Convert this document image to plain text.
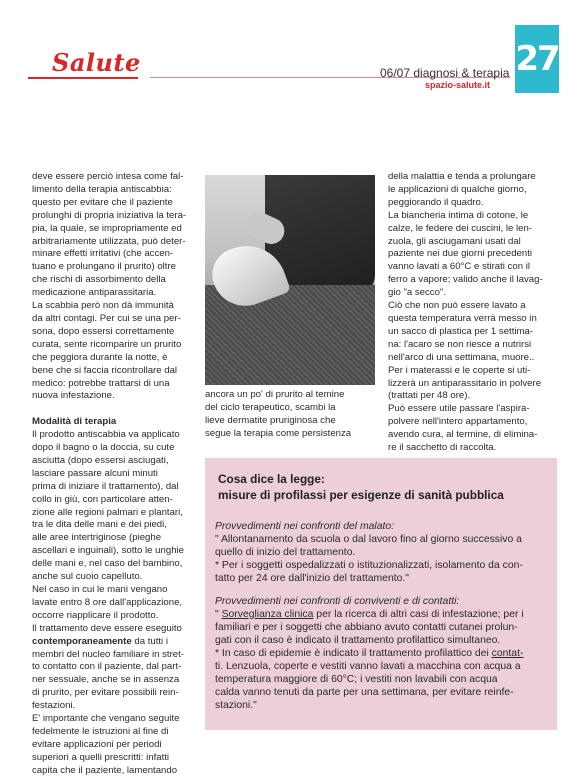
Salute	06/07 diagnosi & terapia
spazio-salute.it
27

deve essere perciò intesa come fal-

limento della terapia antiscabbia:

questo per evitare che il paziente

prolunghi di propria iniziativa la tera-

pia, la quale, se impropriamente ed

arbitrariamente utilizzata, può deter-

minare effetti irritativi (che accen-

tuano e prolungano il prurito) oltre

che rischi di assorbimento della

medicazione antiparassitaria.

La scabbia però non dà immunità

da altri contagi. Per cui se una per-

sona, dopo essersi correttamente

curata, sente ricomparire un prurito

che peggiora durante la notte, è

bene che si faccia ricontrollare dal

medico: potrebbe trattarsi di una

nuova infestazione.

Modalità di terapia

Il prodotto antiscabbia va applicato

dopo il bagno o la doccia, su cute

asciutta (dopo essersi asciugati,

lasciare passare alcuni minuti

prima di iniziare il trattamento), dal

collo in giù, con particolare atten-

zione alle regioni palmari e plantari,

tra le dita delle mani e dei piedi,

alle aree intertriginose (pieghe

ascellari e inguinali), sotto le unghie

delle mani e, nel caso del bambino,

anche sul cuoio capelluto.

Nel caso in cui le mani vengano

lavate entro 8 ore dall'applicazione,

occorre riapplicare il prodotto.

Il trattamento deve essere eseguito

contemporaneamente da tutti i

membri del nucleo familiare in stret-

to contatto con il paziente, dal part-

ner sessuale, anche se in assenza

di prurito, per evitare possibili rein-

festazioni.

E' importante che vengano seguite

fedelmente le istruzioni al fine di

evitare applicazioni per periodi

superiori a quelli prescritti: infatti

capita che il paziente, lamentando

ancora un po' di prurito al temine

del ciclo terapeutico, scambi la

lieve dermatite pruriginosa che

segue la terapia come persistenza

della malattia e tenda a prolungare

le applicazioni di qualche giorno,

peggiorando il quadro.

La biancheria intima di cotone, le

calze, le federe dei cuscini, le len-

zuola, gli asciugamani usati dal

paziente nei due giorni precedenti

vanno lavati a 60°C e stirati con il

ferro a vapore; valido anche il lavag-

gio "a secco".

Ciò che non può essere lavato a

questa temperatura verrà messo in

un sacco di plastica per 1 settima-

na: l'acaro se non riesce a nutrirsi

nell'arco di una settimana, muore..

Per i materassi e le coperte si uti-

lizzerà un antiparassitario in polvere

(trattati per 48 ore).

Può essere utile passare l'aspira-

polvere nell'intero appartamento,

avendo cura, al termine, di elimina-

re il sacchetto di raccolta.

Cosa dice la legge:
misure di profilassi per esigenze di sanità pubblica

Provvedimenti nei confronti del malato:

" Allontanamento da scuola o dal lavoro fino al giorno successivo a

quello di inizio del trattamento.

* Per i soggetti ospedalizzati o istituzionalizzati, isolamento da con-

tatto per 24 ore dall'inizio del trattamento."

Provvedimenti nei confronti di conviventi e di contatti:

" Sorveglianza clinica per la ricerca di altri casi di infestazione; per i

familiari e per i soggetti che abbiano avuto contatti cutanei prolun-

gati con il caso è indicato il trattamento profilattico simultaneo.

* In caso di epidemie è indicato il trattamento profilattico dei contat-

ti. Lenzuola, coperte e vestiti vanno lavati a macchina con acqua a

temperatura maggiore di 60°C; i vestiti non lavabili con acqua

calda vanno tenuti da parte per una settimana, per evitare reinfe-

stazioni."
